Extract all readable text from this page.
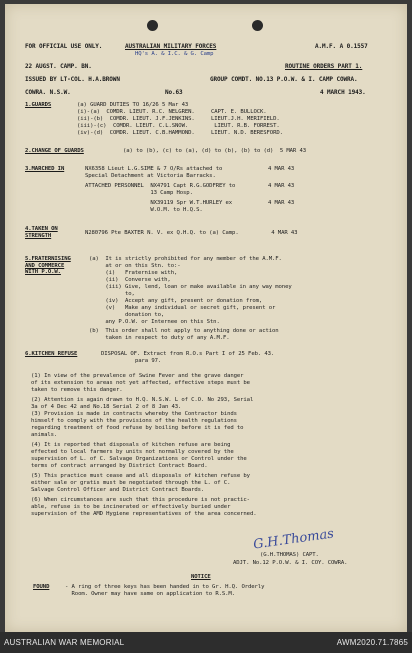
FOR OFFICIAL USE ONLY.	AUSTRALIAN MILITARY FORCES
HQ's A. & I.C. & G. Camp
A.M.F. A 0.1557
22 AUGST. CAMP. BN.	ROUTINE ORDERS PART 1.
ISSUED BY LT-COL. H.A.BROWN	GROUP COMDT. NO.13 P.O.W. & I. CAMP COWRA.
COWRA. N.S.W.	No.63	4 MARCH 1943.
1.GUARDS	(a) GUARD DUTIES TO 16/26 5 Mar 43
(i)-(a)  COMDR. LIEUT. R.C. NELGREN.     CAPT. E. BULLOCK.
(ii)-(b)  COMDR. LIEUT. J.F.JENKINS.     LIEUT.J.H. MERIFIELD.
(iii)-(c)  COMDR. LIEUT. C.L.SNOW.        LIEUT. R.B. FORREST.
(iv)-(d)  COMDR. LIEUT. C.B.HAMMOND.     LIEUT. N.D. BERESFORD.
2.CHANGE OF GUARDS	(a) to (b), (c) to (a), (d) to (b), (b) to (d)  5 MAR 43
3.MARCHED IN	NX6358 Lieut L.G.SIME & 7 O/Rs attached to              4 MAR 43
Special Detachment at Victoria Barracks.
ATTACHED PERSONNEL  NX4791 Capt R.G.GODFREY to          4 MAR 43
13 Camp Hosp.
NX39119 Spr W.T.HURLEY ex           4 MAR 43
W.O.M. to H.Q.S.
4.TAKEN ON STRENGTH	N280796 Pte BAXTER N. V. ex Q.H.Q. to (a) Camp.          4 MAR 43
5.FRATERNISING AND COMMERCE WITH P.O.W.
(a)  It is strictly prohibited for any member of the A.M.F.
at or on this Stn. to:-
(i)   Fraternise with,
(ii)  Converse with,
(iii) Give, lend, loan or make available in any way money
to,
(iv)  Accept any gift, present or donation from,
(v)   Make any individual or secret gift, present or
donation to,
any P.O.W. or Internee on this Stn.
(b)  This order shall not apply to anything done or action
taken in respect to duty of any A.M.F.
6.KITCHEN REFUSE	DISPOSAL OF. Extract from R.O.s Part I of 25 Feb. 43.
para 97.
(1) In view of the prevalence of Swine Fever and the grave danger
of its extension to areas not yet affected, effective steps must be
taken to remove this danger.
(2) Attention is again drawn to H.Q. N.S.W. L of C.O. No 293, Serial
3a of 4 Dec 42 and No.18 Serial 2 of 8 Jan 43.
(3) Provision is made in contracts whereby the Contractor binds
himself to comply with the provisions of the health regulations
regarding treatment of food refuse by boiling before it is fed to
animals.
(4) It is reported that disposals of kitchen refuse are being
effected to local farmers by units not normally covered by the
supervision of L. of C. Salvage Organizations or Control under the
terms of contract arranged by District Contract Board.
(5) This practice must cease and all disposals of kitchen refuse by
either sale or gratis must be negotiated through the L. of C.
Salvage Control Officer and District Contract Boards.
(6) When circumstances are such that this procedure is not practic-
able, refuse is to be incinerated or effectively buried under
supervision of the AMD Hygiene representatives of the area concerned.
G.H.Thomas
(G.H.THOMAS) CAPT.
ADJT. No.12 P.O.W. & I. COY. COWRA.
NOTICE
FOUND	- A ring of three keys has been handed in to Gr. H.Q. Orderly
Room. Owner may have same on application to R.S.M.
AUSTRALIAN WAR MEMORIAL	AWM2020.71.7865
